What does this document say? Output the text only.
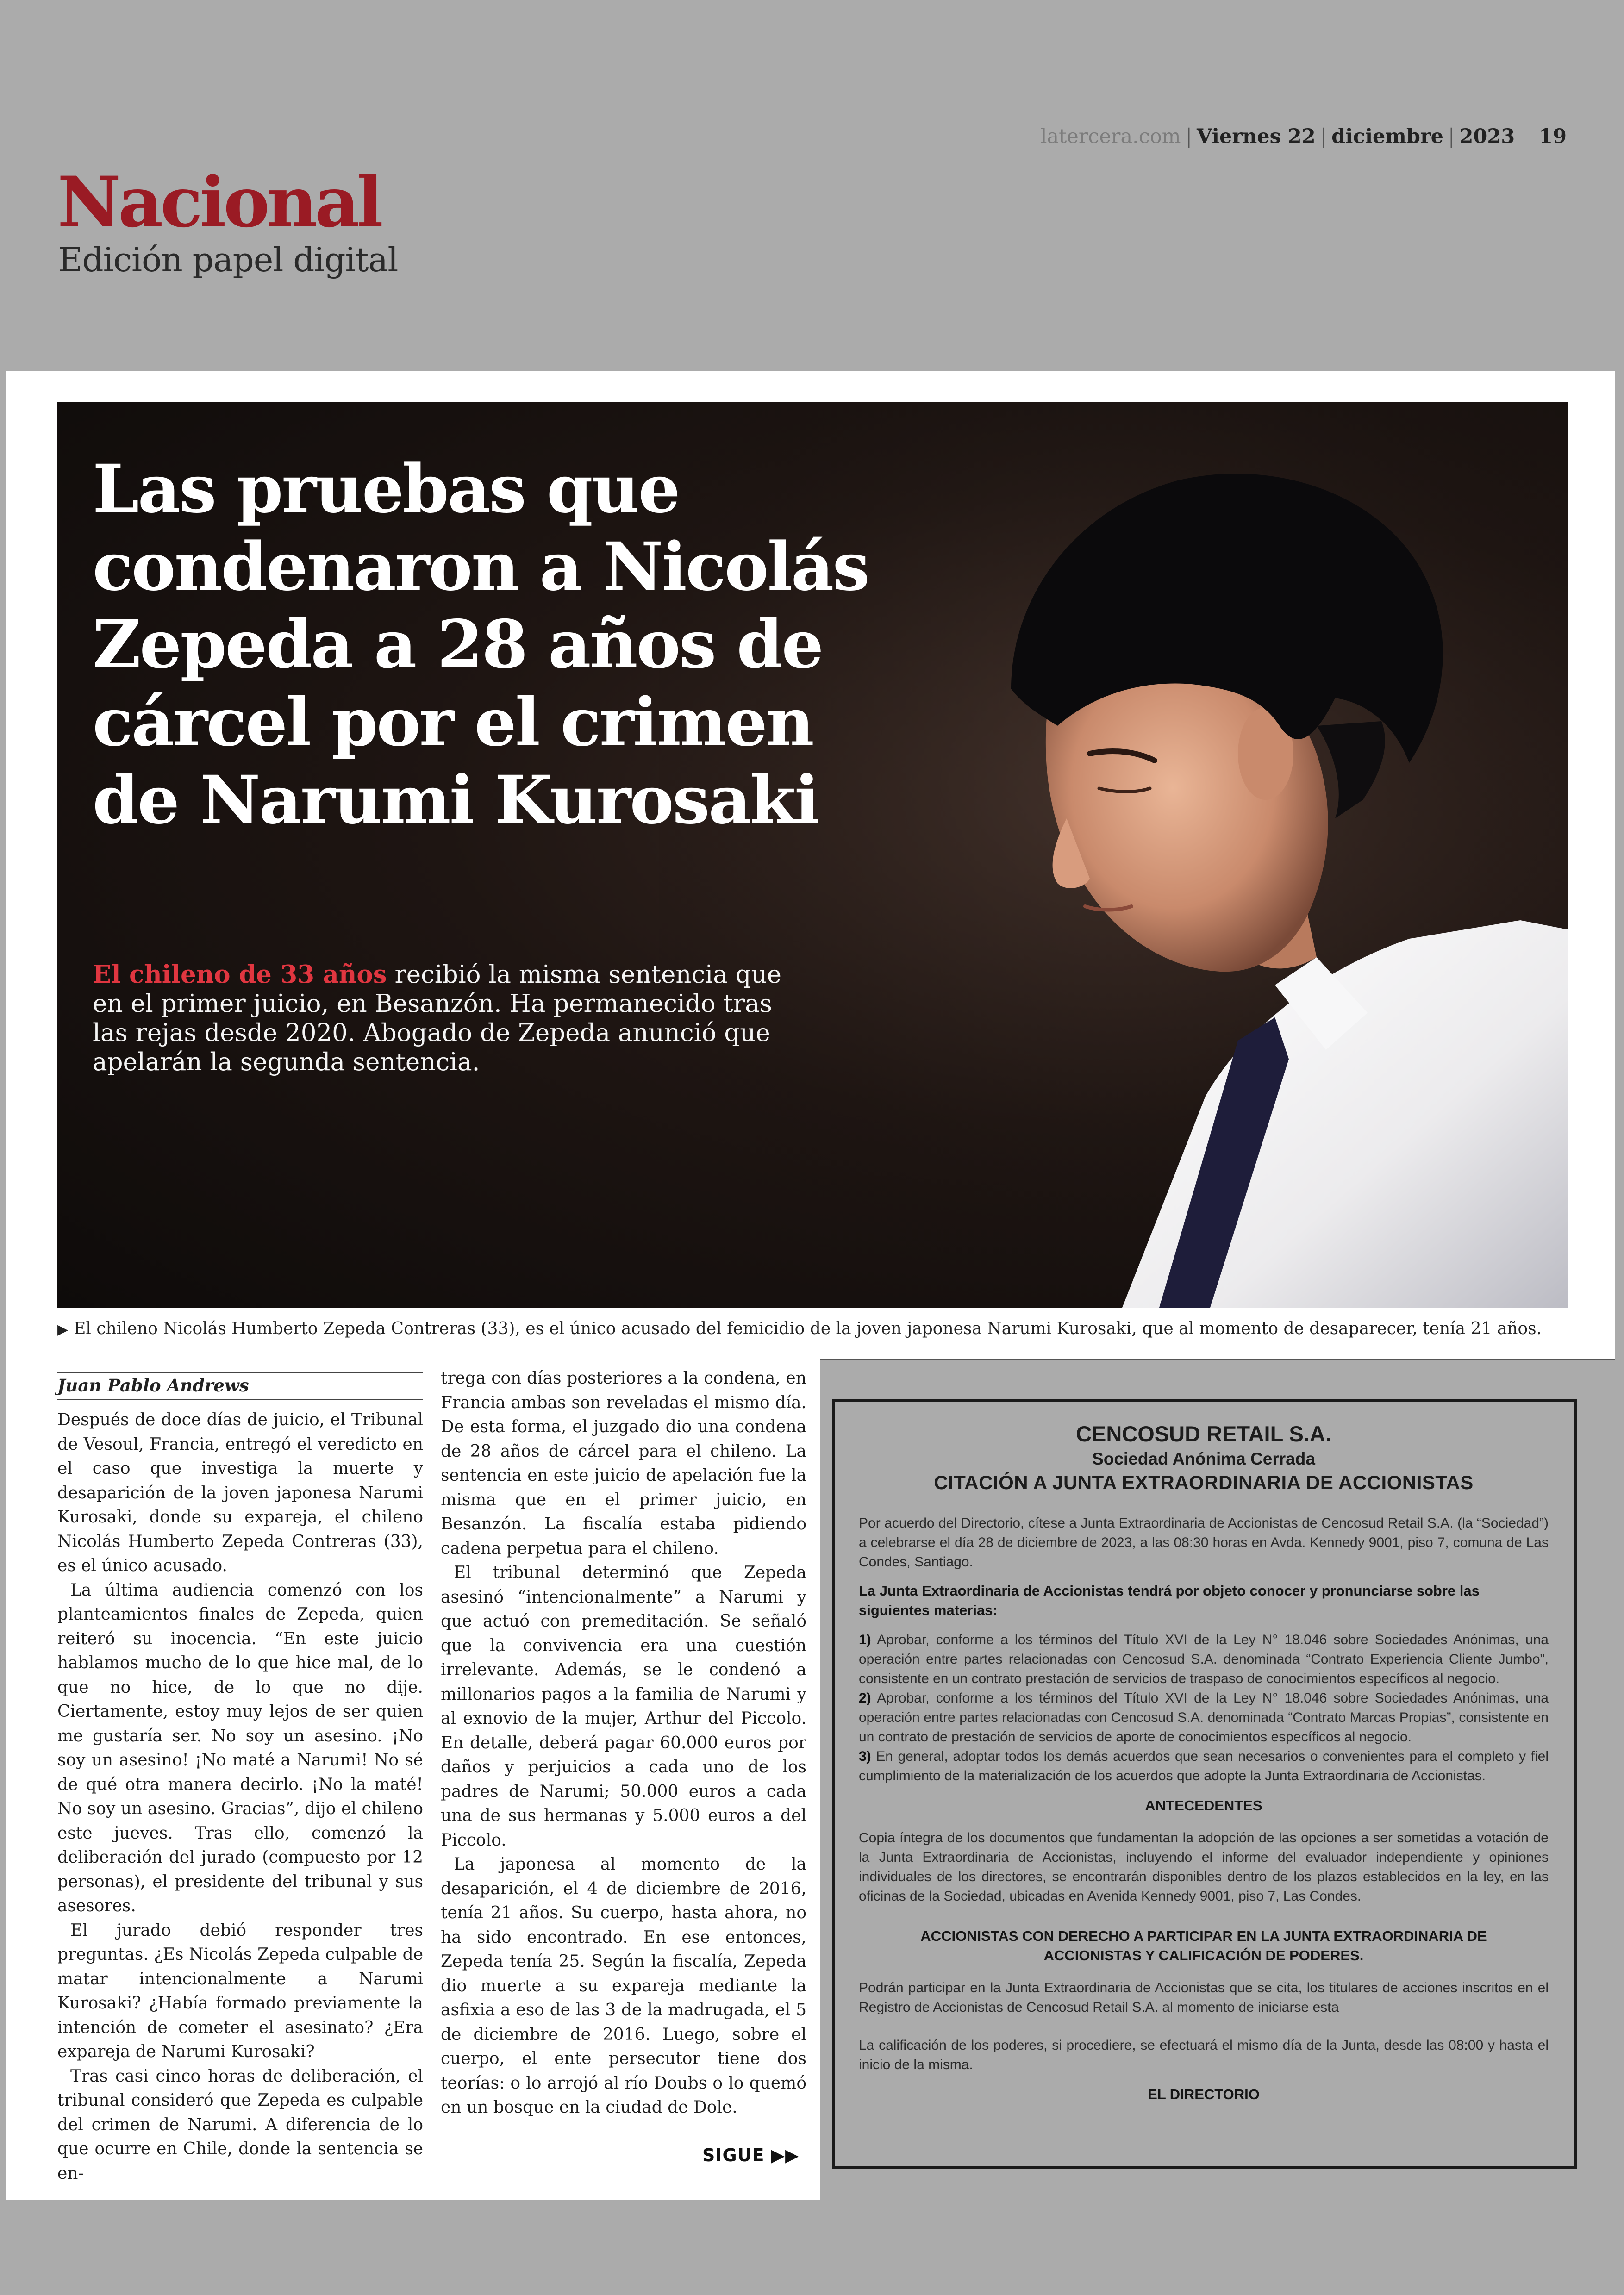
latercera.com | Viernes 22 | diciembre | 2023 19
Nacional
Edición papel digital
Las pruebas que condenaron a Nicolás Zepeda a 28 años de cárcel por el crimen de Narumi Kurosaki
El chileno de 33 años recibió la misma sentencia que en el primer juicio, en Besanzón. Ha permanecido tras las rejas desde 2020. Abogado de Zepeda anunció que apelarán la segunda sentencia.
▶ El chileno Nicolás Humberto Zepeda Contreras (33), es el único acusado del femicidio de la joven japonesa Narumi Kurosaki, que al momento de desaparecer, tenía 21 años.
Juan Pablo Andrews

Después de doce días de juicio, el Tribunal de Vesoul, Francia, entregó el veredicto en el caso que investiga la muerte y desaparición de la joven japonesa Narumi Kurosaki, donde su expareja, el chileno Nicolás Humberto Zepeda Contreras (33), es el único acusado.

La última audiencia comenzó con los planteamientos finales de Zepeda, quien reiteró su inocencia. “En este juicio hablamos mucho de lo que hice mal, de lo que no hice, de lo que no dije. Ciertamente, estoy muy lejos de ser quien me gustaría ser. No soy un asesino. ¡No soy un asesino! ¡No maté a Narumi! No sé de qué otra manera decirlo. ¡No la maté! No soy un asesino. Gracias”, dijo el chileno este jueves. Tras ello, comenzó la deliberación del jurado (compuesto por 12 personas), el presidente del tribunal y sus asesores.

El jurado debió responder tres preguntas. ¿Es Nicolás Zepeda culpable de matar intencionalmente a Narumi Kurosaki? ¿Había formado previamente la intención de cometer el asesinato? ¿Era expareja de Narumi Kurosaki?

Tras casi cinco horas de deliberación, el tribunal consideró que Zepeda es culpable del crimen de Narumi. A diferencia de lo que ocurre en Chile, donde la sentencia se en-

trega con días posteriores a la condena, en Francia ambas son reveladas el mismo día. De esta forma, el juzgado dio una condena de 28 años de cárcel para el chileno. La sentencia en este juicio de apelación fue la misma que en el primer juicio, en Besanzón. La fiscalía estaba pidiendo cadena perpetua para el chileno.

El tribunal determinó que Zepeda asesinó “intencionalmente” a Narumi y que actuó con premeditación. Se señaló que la convivencia era una cuestión irrelevante. Además, se le condenó a millonarios pagos a la familia de Narumi y al exnovio de la mujer, Arthur del Piccolo. En detalle, deberá pagar 60.000 euros por daños y perjuicios a cada uno de los padres de Narumi; 50.000 euros a cada una de sus hermanas y 5.000 euros a del Piccolo.

La japonesa al momento de la desaparición, el 4 de diciembre de 2016, tenía 21 años. Su cuerpo, hasta ahora, no ha sido encontrado. En ese entonces, Zepeda tenía 25. Según la fiscalía, Zepeda dio muerte a su expareja mediante la asfixia a eso de las 3 de la madrugada, el 5 de diciembre de 2016. Luego, sobre el cuerpo, el ente persecutor tiene dos teorías: o lo arrojó al río Doubs o lo quemó en un bosque en la ciudad de Dole.

SIGUE ▶▶
CENCOSUD RETAIL S.A.
Sociedad Anónima Cerrada
CITACIÓN A JUNTA EXTRAORDINARIA DE ACCIONISTAS
Por acuerdo del Directorio, cítese a Junta Extraordinaria de Accionistas de Cencosud Retail S.A. (la “Sociedad”) a celebrarse el día 28 de diciembre de 2023, a las 08:30 horas en Avda. Kennedy 9001, piso 7, comuna de Las Condes, Santiago.
La Junta Extraordinaria de Accionistas tendrá por objeto conocer y pronunciarse sobre las siguientes materias:
1) Aprobar, conforme a los términos del Título XVI de la Ley N° 18.046 sobre Sociedades Anónimas, una operación entre partes relacionadas con Cencosud S.A. denominada “Contrato Experiencia Cliente Jumbo”, consistente en un contrato prestación de servicios de traspaso de conocimientos específicos al negocio.
2) Aprobar, conforme a los términos del Título XVI de la Ley N° 18.046 sobre Sociedades Anónimas, una operación entre partes relacionadas con Cencosud S.A. denominada “Contrato Marcas Propias”, consistente en un contrato de prestación de servicios de aporte de conocimientos específicos al negocio.
3) En general, adoptar todos los demás acuerdos que sean necesarios o convenientes para el completo y fiel cumplimiento de la materialización de los acuerdos que adopte la Junta Extraordinaria de Accionistas.
ANTECEDENTES
Copia íntegra de los documentos que fundamentan la adopción de las opciones a ser sometidas a votación de la Junta Extraordinaria de Accionistas, incluyendo el informe del evaluador independiente y opiniones individuales de los directores, se encontrarán disponibles dentro de los plazos establecidos en la ley, en las oficinas de la Sociedad, ubicadas en Avenida Kennedy 9001, piso 7, Las Condes.
ACCIONISTAS CON DERECHO A PARTICIPAR EN LA JUNTA EXTRAORDINARIA DE ACCIONISTAS Y CALIFICACIÓN DE PODERES.
Podrán participar en la Junta Extraordinaria de Accionistas que se cita, los titulares de acciones inscritos en el Registro de Accionistas de Cencosud Retail S.A. al momento de iniciarse esta
La calificación de los poderes, si procediere, se efectuará el mismo día de la Junta, desde las 08:00 y hasta el inicio de la misma.
EL DIRECTORIO
